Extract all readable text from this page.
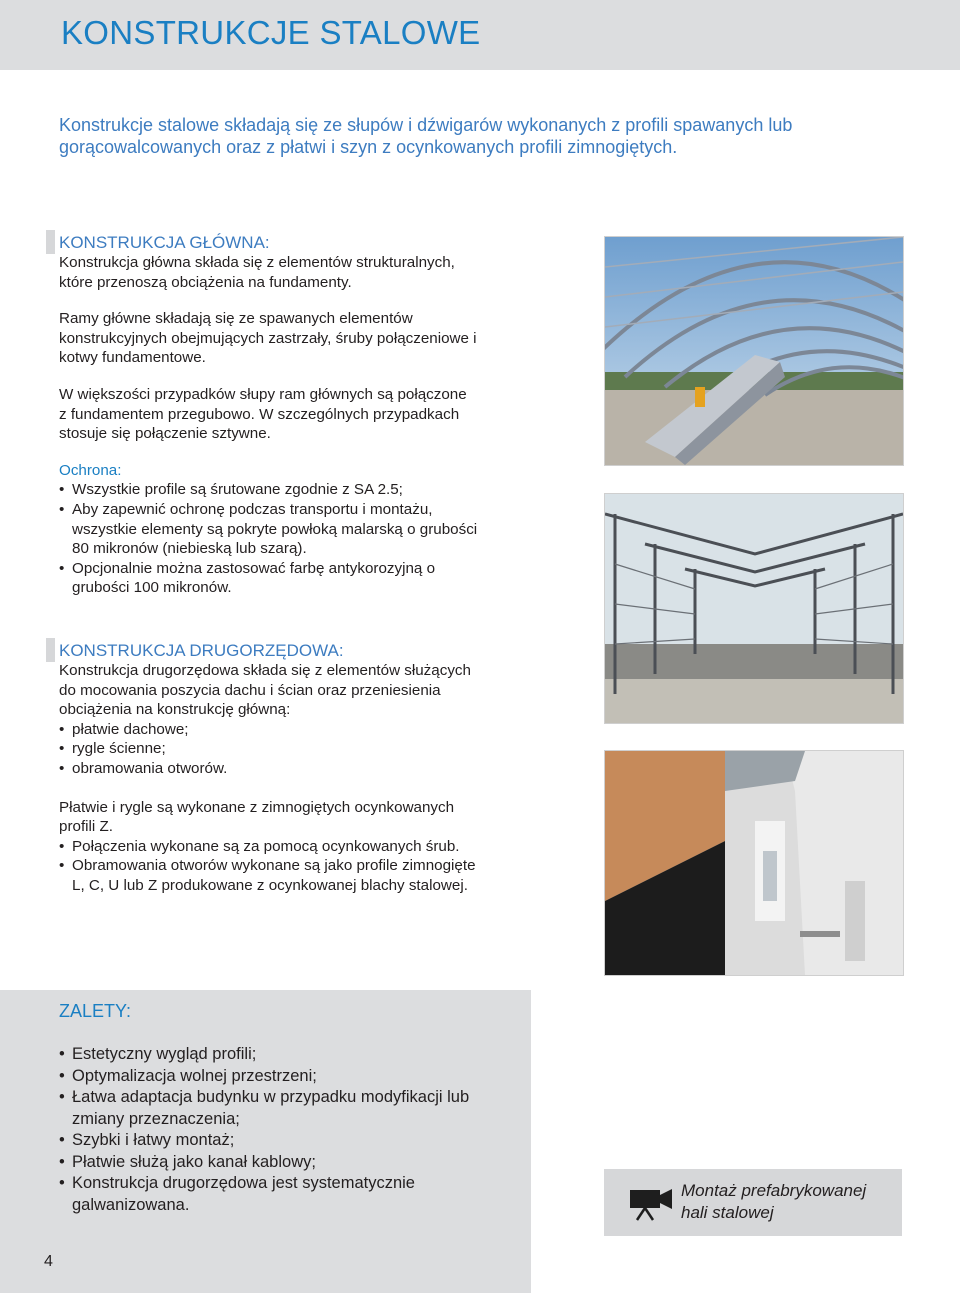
KONSTRUKCJE STALOWE
Konstrukcje stalowe składają się ze słupów i dźwigarów wykonanych z profili spawanych lub
gorącowalcowanych oraz z płatwi i szyn z ocynkowanych profili zimnogiętych.
KONSTRUKCJA GŁÓWNA:

Konstrukcja główna składa się z elementów strukturalnych,

które przenoszą obciążenia na fundamenty.

Ramy główne składają się ze spawanych elementów

konstrukcyjnych obejmujących zastrzały, śruby połączeniowe i

kotwy fundamentowe.

W większości przypadków słupy ram głównych są połączone

z fundamentem przegubowo. W szczególnych przypadkach

stosuje się połączenie sztywne.

Ochrona:
• Wszystkie profile są śrutowane zgodnie z SA 2.5;
• Aby zapewnić ochronę podczas transportu i montażu,
wszystkie elementy są pokryte powłoką malarską o grubości
80 mikronów (niebieską lub szarą).
• Opcjonalnie można zastosować farbę antykorozyjną o
grubości 100 mikronów.
KONSTRUKCJA DRUGORZĘDOWA:

Konstrukcja drugorzędowa składa się z elementów służących

do mocowania poszycia dachu i ścian oraz przeniesienia

obciążenia na konstrukcję główną:

• płatwie dachowe;
• rygle ścienne;
• obramowania otworów.

Płatwie i rygle są wykonane z zimnogiętych ocynkowanych

profili Z.

• Połączenia wykonane są za pomocą ocynkowanych śrub.
• Obramowania otworów wykonane są jako profile zimnogięte
L, C, U lub Z produkowane z ocynkowanej blachy stalowej.
ZALETY:
• Estetyczny wygląd profili;
• Optymalizacja wolnej przestrzeni;
• Łatwa adaptacja budynku w przypadku modyfikacji lub
zmiany przeznaczenia;
• Szybki i łatwy montaż;
• Płatwie służą jako kanał kablowy;
• Konstrukcja drugorzędowa jest systematycznie
galwanizowana.
Montaż prefabrykowanej
hali stalowej
4
